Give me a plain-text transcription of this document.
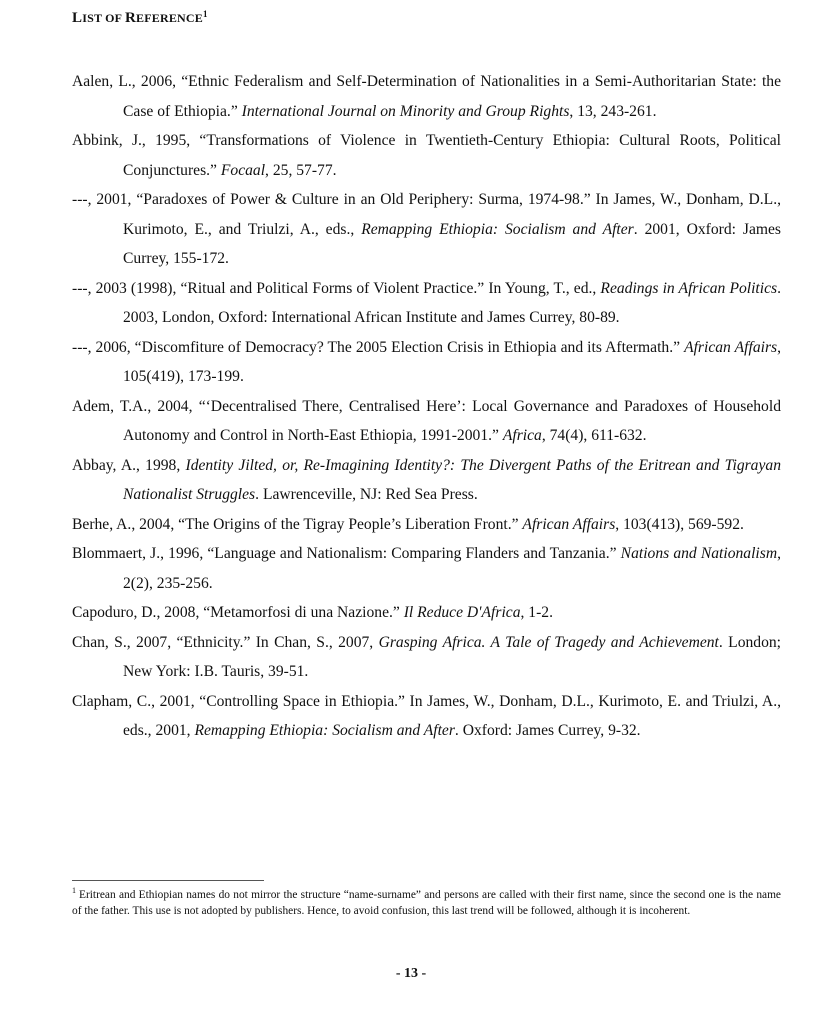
LIST OF REFERENCE$^1$

Aalen, L., 2006, “Ethnic Federalism and Self-Determination of Nationalities in a Semi-Authoritarian State: the Case of Ethiopia.” International Journal on Minority and Group Rights, 13, 243-261.

Abbink, J., 1995, “Transformations of Violence in Twentieth-Century Ethiopia: Cultural Roots, Political Conjunctures.” Focaal, 25, 57-77.

---, 2001, “Paradoxes of Power & Culture in an Old Periphery: Surma, 1974-98.” In James, W., Donham, D.L., Kurimoto, E., and Triulzi, A., eds., Remapping Ethiopia: Socialism and After. 2001, Oxford: James Currey, 155-172.

---, 2003 (1998), “Ritual and Political Forms of Violent Practice.” In Young, T., ed., Readings in African Politics. 2003, London, Oxford: International African Institute and James Currey, 80-89.

---, 2006, “Discomfiture of Democracy? The 2005 Election Crisis in Ethiopia and its Aftermath.” African Affairs, 105(419), 173-199.

Adem, T.A., 2004, “‘Decentralised There, Centralised Here’: Local Governance and Paradoxes of Household Autonomy and Control in North-East Ethiopia, 1991-2001.” Africa, 74(4), 611-632.

Abbay, A., 1998, Identity Jilted, or, Re-Imagining Identity?: The Divergent Paths of the Eritrean and Tigrayan Nationalist Struggles. Lawrenceville, NJ: Red Sea Press.

Berhe, A., 2004, “The Origins of the Tigray People’s Liberation Front.” African Affairs, 103(413), 569-592.

Blommaert, J., 1996, “Language and Nationalism: Comparing Flanders and Tanzania.” Nations and Nationalism, 2(2), 235-256.

Capoduro, D., 2008, “Metamorfosi di una Nazione.” Il Reduce D'Africa, 1-2.

Chan, S., 2007, “Ethnicity.” In Chan, S., 2007, Grasping Africa. A Tale of Tragedy and Achievement. London; New York: I.B. Tauris, 39-51.

Clapham, C., 2001, “Controlling Space in Ethiopia.” In James, W., Donham, D.L., Kurimoto, E. and Triulzi, A., eds., 2001, Remapping Ethiopia: Socialism and After. Oxford: James Currey, 9-32.

$^1$ Eritrean and Ethiopian names do not mirror the structure “name-surname” and persons are called with their first name, since the second one is the name of the father. This use is not adopted by publishers. Hence, to avoid confusion, this last trend will be followed, although it is incoherent.
- 13 -
